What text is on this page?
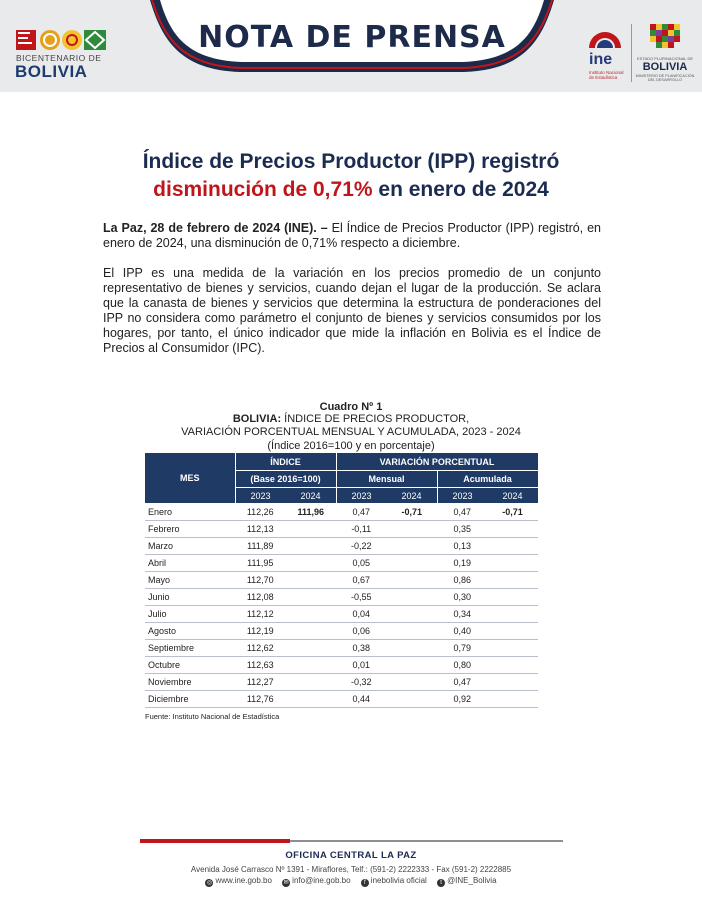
BICENTENARIO DE
BOLIVIA
NOTA DE PRENSA
ine
Instituto Nacional de Estadística
ESTADO PLURINACIONAL DE
BOLIVIA
MINISTERIO DE PLANIFICACIÓN DEL DESARROLLO
Índice de Precios Productor (IPP) registró
disminución de 0,71% en enero de 2024
La Paz, 28 de febrero de 2024 (INE). – El Índice de Precios Productor (IPP) registró, en enero de 2024, una disminución de 0,71% respecto a diciembre.
El IPP es una medida de la variación en los precios promedio de un conjunto representativo de bienes y servicios, cuando dejan el lugar de la producción. Se aclara que la canasta de bienes y servicios que determina la estructura de ponderaciones del IPP no considera como parámetro el conjunto de bienes y servicios consumidos por los hogares, por tanto, el único indicador que mide la inflación en Bolivia es el Índice de Precios al Consumidor (IPC).
Cuadro Nº 1
BOLIVIA: ÍNDICE DE PRECIOS PRODUCTOR,
VARIACIÓN PORCENTUAL MENSUAL Y ACUMULADA, 2023 - 2024
(Índice 2016=100 y en porcentaje)
MES	ÍNDICE		VARIACIÓN PORCENTUAL			
	(Base 2016=100)		Mensual		Acumulada	
	2023	2024	2023	2024	2023	2024
Enero	112,26	111,96	0,47	-0,71	0,47	-0,71
Febrero	112,13		-0,11		0,35	
Marzo	111,89		-0,22		0,13	
Abril	111,95		0,05		0,19	
Mayo	112,70		0,67		0,86	
Junio	112,08		-0,55		0,30	
Julio	112,12		0,04		0,34	
Agosto	112,19		0,06		0,40	
Septiembre	112,62		0,38		0,79	
Octubre	112,63		0,01		0,80	
Noviembre	112,27		-0,32		0,47	
Diciembre	112,76		0,44		0,92	
Fuente: Instituto Nacional de Estadística
OFICINA CENTRAL LA PAZ
Avenida José Carrasco Nº 1391 - Miraflores, Telf.: (591-2) 2222333 - Fax (591-2) 2222885
◎ www.ine.gob.bo ✉ info@ine.gob.bo f inebolivia oficial t @INE_Bolivia
